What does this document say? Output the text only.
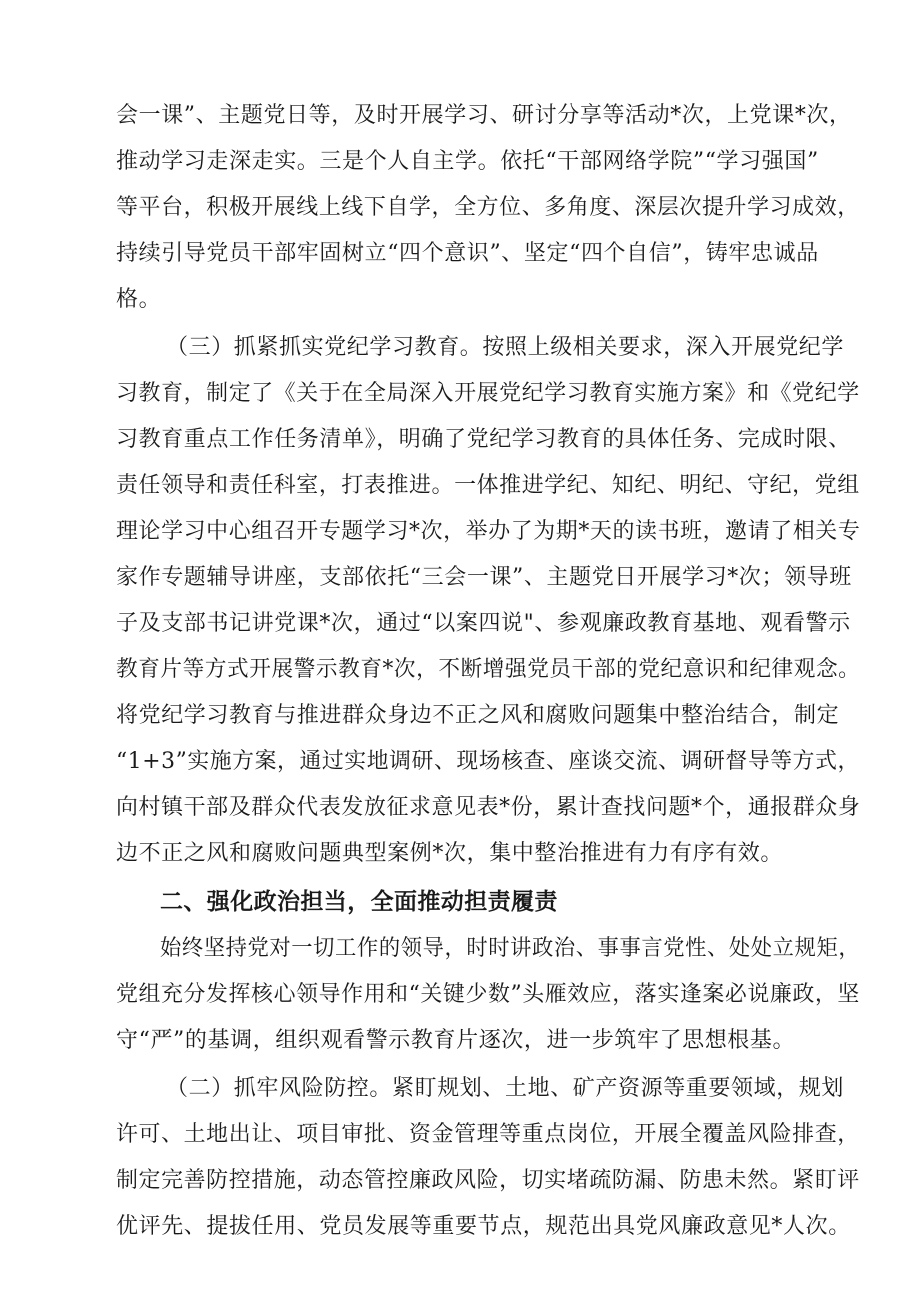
会一课”、主题党日等，及时开展学习、研讨分享等活动*次，上党课*次，
推动学习走深走实。三是个人自主学。依托“干部网络学院”“学习强国”
等平台，积极开展线上线下自学，全方位、多角度、深层次提升学习成效，
持续引导党员干部牢固树立“四个意识”、坚定“四个自信”，铸牢忠诚品
格。
（三）抓紧抓实党纪学习教育。按照上级相关要求，深入开展党纪学
习教育，制定了《关于在全局深入开展党纪学习教育实施方案》和《党纪学
习教育重点工作任务清单》，明确了党纪学习教育的具体任务、完成时限、
责任领导和责任科室，打表推进。一体推进学纪、知纪、明纪、守纪，党组
理论学习中心组召开专题学习*次，举办了为期*天的读书班，邀请了相关专
家作专题辅导讲座，支部依托“三会一课”、主题党日开展学习*次；领导班
子及支部书记讲党课*次，通过“以案四说"、参观廉政教育基地、观看警示
教育片等方式开展警示教育*次，不断增强党员干部的党纪意识和纪律观念。
将党纪学习教育与推进群众身边不正之风和腐败问题集中整治结合，制定
“1+3”实施方案，通过实地调研、现场核查、座谈交流、调研督导等方式，
向村镇干部及群众代表发放征求意见表*份，累计查找问题*个，通报群众身
边不正之风和腐败问题典型案例*次，集中整治推进有力有序有效。
二、强化政治担当，全面推动担责履责
始终坚持党对一切工作的领导，时时讲政治、事事言党性、处处立规矩，
党组充分发挥核心领导作用和“关键少数”头雁效应，落实逢案必说廉政，坚
守“严”的基调，组织观看警示教育片逐次，进一步筑牢了思想根基。
（二）抓牢风险防控。紧盯规划、土地、矿产资源等重要领域，规划
许可、土地出让、项目审批、资金管理等重点岗位，开展全覆盖风险排查，
制定完善防控措施，动态管控廉政风险，切实堵疏防漏、防患未然。紧盯评
优评先、提拔任用、党员发展等重要节点，规范出具党风廉政意见*人次。
